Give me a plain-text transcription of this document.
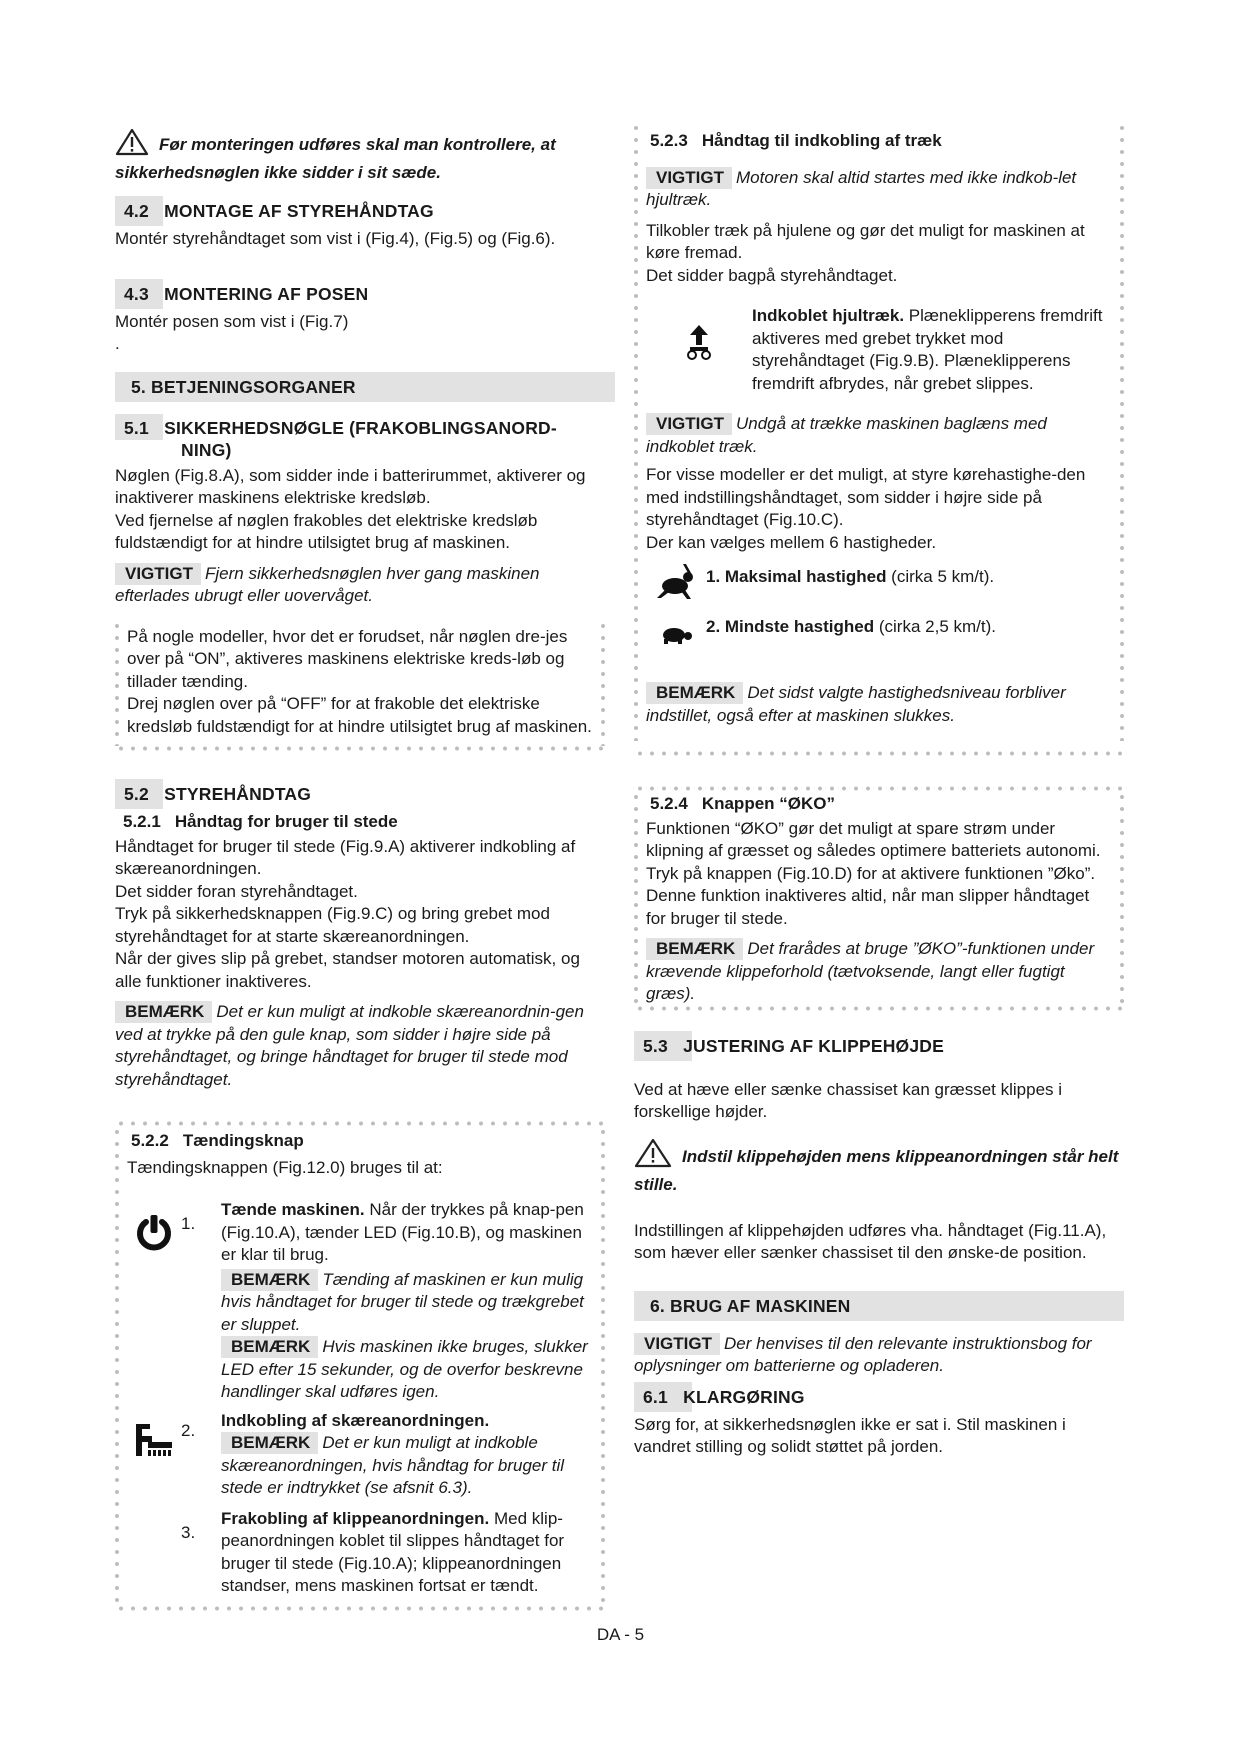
Før monteringen udføres skal man kontrollere, at sikkerhedsnøglen ikke sidder i sit sæde.

4.2 MONTAGE AF STYREHÅNDTAG

Montér styrehåndtaget som vist i (Fig.4), (Fig.5) og (Fig.6).

4.3 MONTERING AF POSEN

Montér posen som vist i (Fig.7)

.

5. BETJENINGSORGANER
5.1 SIKKERHEDSNØGLE (FRAKOBLINGSANORD-
NING)

Nøglen (Fig.8.A), som sidder inde i batterirummet, aktiverer og inaktiverer maskinens elektriske kredsløb.

Ved fjernelse af nøglen frakobles det elektriske kredsløb fuldstændigt for at hindre utilsigtet brug af maskinen.

VIGTIGT Fjern sikkerhedsnøglen hver gang maskinen efterlades ubrugt eller uovervåget.

På nogle modeller, hvor det er forudset, når nøglen dre-jes over på “ON”, aktiveres maskinens elektriske kreds-løb og tillader tænding.

Drej nøglen over på “OFF” for at frakoble det elektriske kredsløb fuldstændigt for at hindre utilsigtet brug af maskinen.

5.2 STYREHÅNDTAG
5.2.1 Håndtag for bruger til stede

Håndtaget for bruger til stede (Fig.9.A) aktiverer indkobling af skæreanordningen.

Det sidder foran styrehåndtaget.

Tryk på sikkerhedsknappen (Fig.9.C) og bring grebet mod styrehåndtaget for at starte skæreanordningen.

Når der gives slip på grebet, standser motoren automatisk, og alle funktioner inaktiveres.

BEMÆRK Det er kun muligt at indkoble skæreanordnin-gen ved at trykke på den gule knap, som sidder i højre side på styrehåndtaget, og bringe håndtaget for bruger til stede mod styrehåndtaget.

5.2.2 Tændingsknap

Tændingsknappen (Fig.12.0) bruges til at:

1.

Tænde maskinen. Når der trykkes på knap-pen (Fig.10.A), tænder LED (Fig.10.B), og maskinen er klar til brug.

BEMÆRK Tænding af maskinen er kun mulig hvis håndtaget for bruger til stede og trækgrebet er sluppet.

BEMÆRK Hvis maskinen ikke bruges, slukker LED efter 15 sekunder, og de overfor beskrevne handlinger skal udføres igen.

2.

Indkobling af skæreanordningen.

BEMÆRK Det er kun muligt at indkoble skæreanordningen, hvis håndtag for bruger til stede er indtrykket (se afsnit 6.3).

3.

Frakobling af klippeanordningen. Med klip-peanordningen koblet til slippes håndtaget for bruger til stede (Fig.10.A); klippeanordningen standser, mens maskinen fortsat er tændt.

5.2.3 Håndtag til indkobling af træk

VIGTIGT Motoren skal altid startes med ikke indkob-let hjultræk.

Tilkobler træk på hjulene og gør det muligt for maskinen at køre fremad.

Det sidder bagpå styrehåndtaget.

Indkoblet hjultræk. Plæneklipperens fremdrift aktiveres med grebet trykket mod styrehåndtaget (Fig.9.B). Plæneklipperens fremdrift afbrydes, når grebet slippes.

VIGTIGT Undgå at trække maskinen baglæns med indkoblet træk.

For visse modeller er det muligt, at styre kørehastighe-den med indstillingshåndtaget, som sidder i højre side på styrehåndtaget (Fig.10.C).

Der kan vælges mellem 6 hastigheder.

1. Maksimal hastighed (cirka 5 km/t).

2. Mindste hastighed (cirka 2,5 km/t).

BEMÆRK Det sidst valgte hastighedsniveau forbliver indstillet, også efter at maskinen slukkes.

5.2.4 Knappen “ØKO”

Funktionen “ØKO” gør det muligt at spare strøm under klipning af græsset og således optimere batteriets autonomi. Tryk på knappen (Fig.10.D) for at aktivere funktionen ”Øko”.

Denne funktion inaktiveres altid, når man slipper håndtaget for bruger til stede.

BEMÆRK Det frarådes at bruge ”ØKO”-funktionen under krævende klippeforhold (tætvoksende, langt eller fugtigt græs).

5.3 JUSTERING AF KLIPPEHØJDE

Ved at hæve eller sænke chassiset kan græsset klippes i forskellige højder.

Indstil klippehøjden mens klippeanordningen står helt stille.

Indstillingen af klippehøjden udføres vha. håndtaget (Fig.11.A), som hæver eller sænker chassiset til den ønske-de position.

6. BRUG AF MASKINEN

VIGTIGT Der henvises til den relevante instruktionsbog for oplysninger om batterierne og opladeren.

6.1 KLARGØRING

Sørg for, at sikkerhedsnøglen ikke er sat i. Stil maskinen i vandret stilling og solidt støttet på jorden.

DA - 5
